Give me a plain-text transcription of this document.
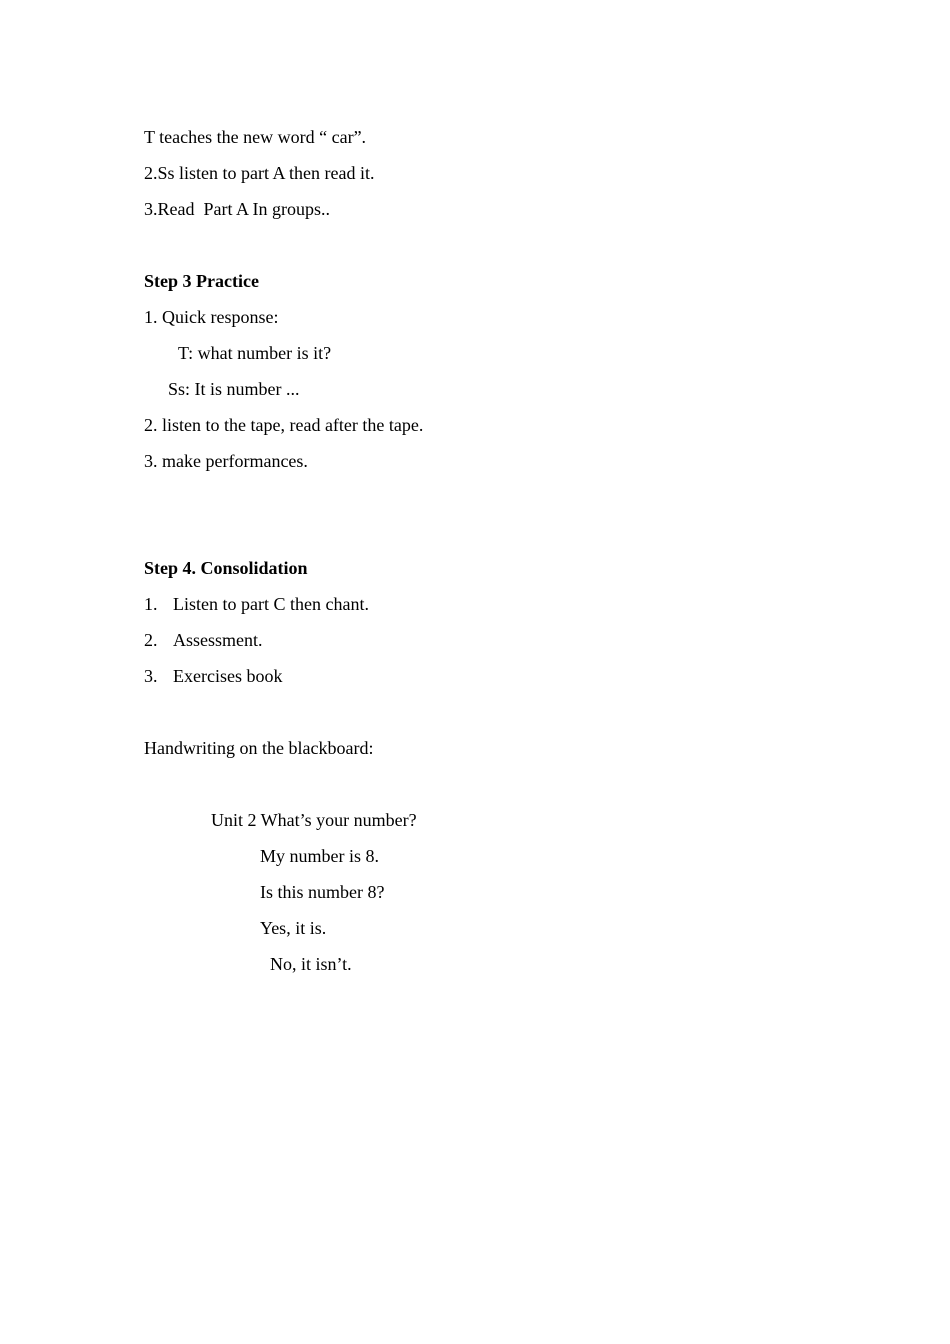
T teaches the new word “ car”.
2.Ss listen to part A then read it.
3.Read  Part A In groups..
Step 3 Practice
1. Quick response:
T: what number is it?
Ss: It is number ...
2. listen to the tape, read after the tape.
3. make performances.
Step 4. Consolidation
1. Listen to part C then chant.
2. Assessment.
3. Exercises book
Handwriting on the blackboard:
Unit 2 What’s your number?
My number is 8.
Is this number 8?
Yes, it is.
No, it isn’t.
